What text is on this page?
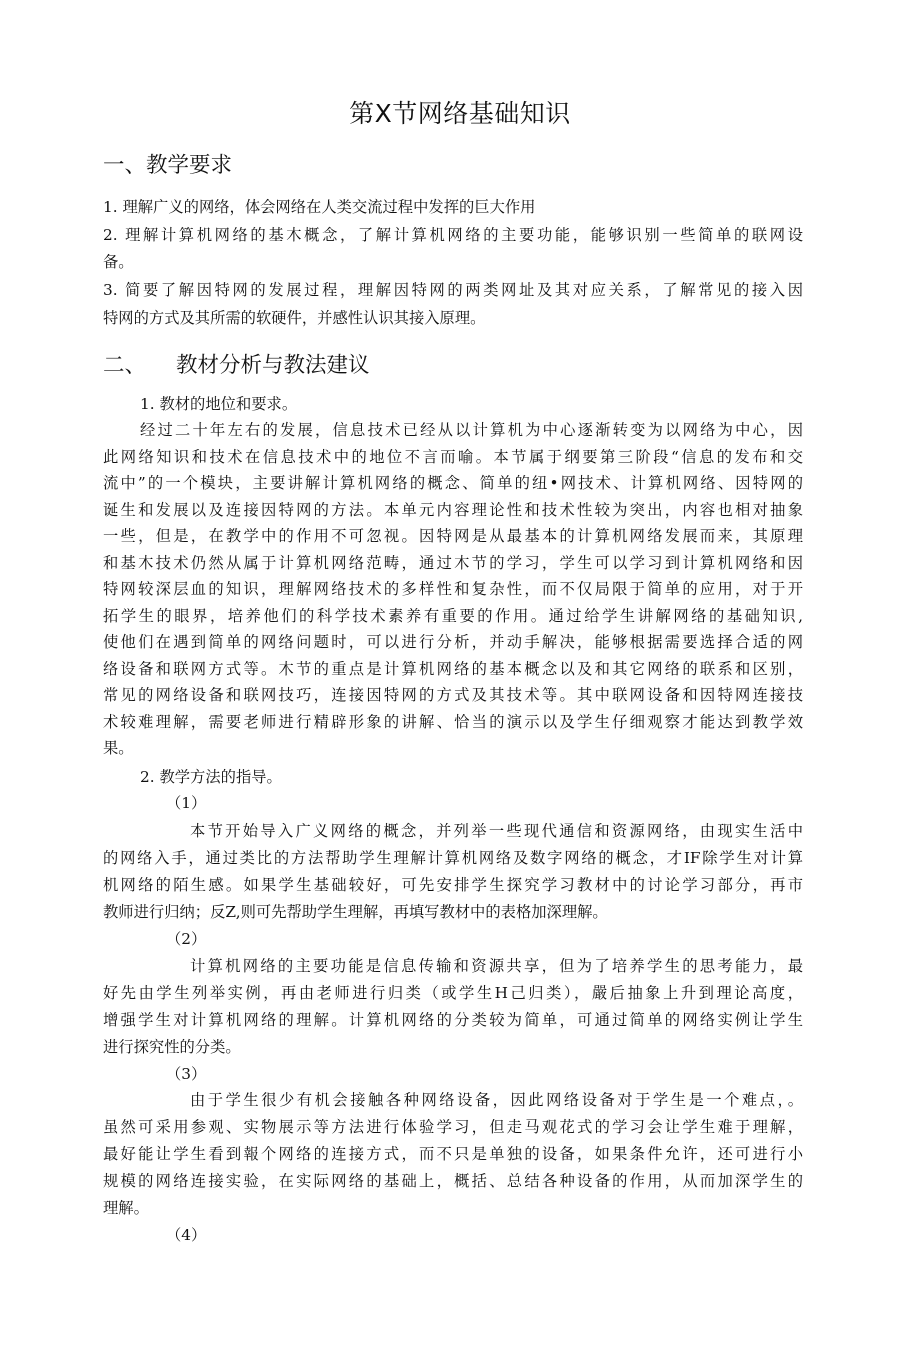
第X节网络基础知识
一、教学要求
1. 理解广义的网络，体会网络在人类交流过程中发挥的巨大作用
2. 理解计算机网络的基木概念，了解计算机网络的主要功能，能够识别一些简单的联网设
备。
3. 简要了解因特网的发展过程，理解因特网的两类网址及其对应关系，了解常见的接入因
特网的方式及其所需的软硬件，并感性认识其接入原理。
二、 教材分析与教法建议
1. 教材的地位和要求。
经过二十年左右的发展，信息技术已经从以计算机为中心逐渐转变为以网络为中心，因
此网络知识和技术在信息技术中的地位不言而喻。本节属于纲要第三阶段“信息的发布和交
流中”的一个模块，主要讲解计算机网络的概念、简单的纽•网技术、计算机网络、因特网的
诞生和发展以及连接因特网的方法。本单元内容理论性和技术性较为突出，内容也相对抽象
一些，但是，在教学中的作用不可忽视。因特网是从最基本的计算机网络发展而来，其原理
和基木技术仍然从属于计算机网络范畴，通过木节的学习，学生可以学习到计算机网络和因
特网较深层血的知识，理解网络技术的多样性和复杂性，而不仅局限于简单的应用，对于开
拓学生的眼界，培养他们的科学技术素养有重要的作用。通过给学生讲解网络的基础知识,
使他们在遇到简单的网络问题时，可以进行分析，并动手解决，能够根据需要选择合适的网
络设备和联网方式等。木节的重点是计算机网络的基本概念以及和其它网络的联系和区别，
常见的网络设备和联网技巧，连接因特网的方式及其技术等。其中联网设备和因特网连接技
术较难理解，需要老师进行精辟形象的讲解、恰当的演示以及学生仔细观察才能达到教学效
果。
2. 教学方法的指导。
（1）
本节开始导入广义网络的概念，并列举一些现代通信和资源网络，由现实生活中
的网络入手，通过类比的方法帮助学生理解计算机网络及数字网络的概念，才IF除学生对计算
机网络的陌生感。如果学生基础较好，可先安排学生探究学习教材中的讨论学习部分，再市
教师进行归纳；反Z,则可先帮助学生理解，再填写教材中的表格加深理解。
（2）
计算机网络的主要功能是信息传输和资源共享，但为了培养学生的思考能力，最
好先由学生列举实例，再由老师进行归类（或学生H己归类），嚴后抽象上升到理论高度，
增强学生对计算机网络的理解。计算机网络的分类较为简单，可通过简单的网络实例让学生
进行探究性的分类。
（3）
由于学生很少有机会接触各种网络设备，因此网络设备对于学生是一个难点，。
虽然可采用参观、实物展示等方法进行体验学习，但走马观花式的学习会让学生难于理解，
最好能让学生看到報个网络的连接方式，而不只是单独的设备，如果条件允许，还可进行小
规模的网络连接实验，在实际网络的基础上，概括、总结各种设备的作用，从而加深学生的
理解。
（4）
